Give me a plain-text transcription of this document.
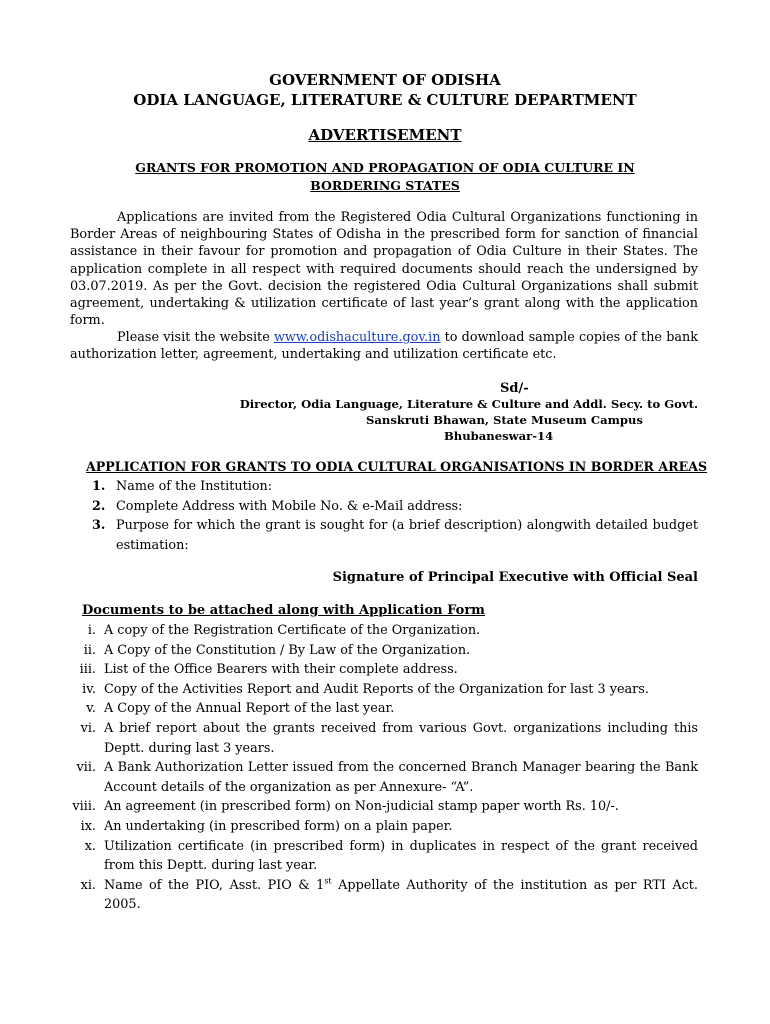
GOVERNMENT OF ODISHA
ODIA LANGUAGE, LITERATURE & CULTURE DEPARTMENT
ADVERTISEMENT
GRANTS FOR PROMOTION AND PROPAGATION OF ODIA CULTURE IN BORDERING STATES
Applications are invited from the Registered Odia Cultural Organizations functioning in Border Areas of neighbouring States of Odisha in the prescribed form for sanction of financial assistance in their favour for promotion and propagation of Odia Culture in their States. The application complete in all respect with required documents should reach the undersigned by 03.07.2019. As per the Govt. decision the registered Odia Cultural Organizations shall submit agreement, undertaking & utilization certificate of last year’s grant along with the application form.
Please visit the website www.odishaculture.gov.in to download sample copies of the bank authorization letter, agreement, undertaking and utilization certificate etc.
Sd/-
Director, Odia Language, Literature & Culture and Addl. Secy. to Govt.
Sanskruti Bhawan, State Museum Campus
Bhubaneswar-14
APPLICATION FOR GRANTS TO ODIA CULTURAL ORGANISATIONS IN BORDER AREAS
1. Name of the Institution:
2. Complete Address with Mobile No. & e-Mail address:
3. Purpose for which the grant is sought for (a brief description) alongwith detailed budget estimation:
Signature of Principal Executive with Official Seal
Documents to be attached along with Application Form
i. A copy of the Registration Certificate of the Organization.
ii. A Copy of the Constitution / By Law of the Organization.
iii. List of the Office Bearers with their complete address.
iv. Copy of the Activities Report and Audit Reports of the Organization for last 3 years.
v. A Copy of the Annual Report of the last year.
vi. A brief report about the grants received from various Govt. organizations including this Deptt. during last 3 years.
vii. A Bank Authorization Letter issued from the concerned Branch Manager bearing the Bank Account details of the organization as per Annexure- “A”.
viii. An agreement (in prescribed form) on Non-judicial stamp paper worth Rs. 10/-.
ix. An undertaking (in prescribed form) on a plain paper.
x. Utilization certificate (in prescribed form) in duplicates in respect of the grant received from this Deptt. during last year.
xi. Name of the PIO, Asst. PIO & 1st Appellate Authority of the institution as per RTI Act. 2005.
